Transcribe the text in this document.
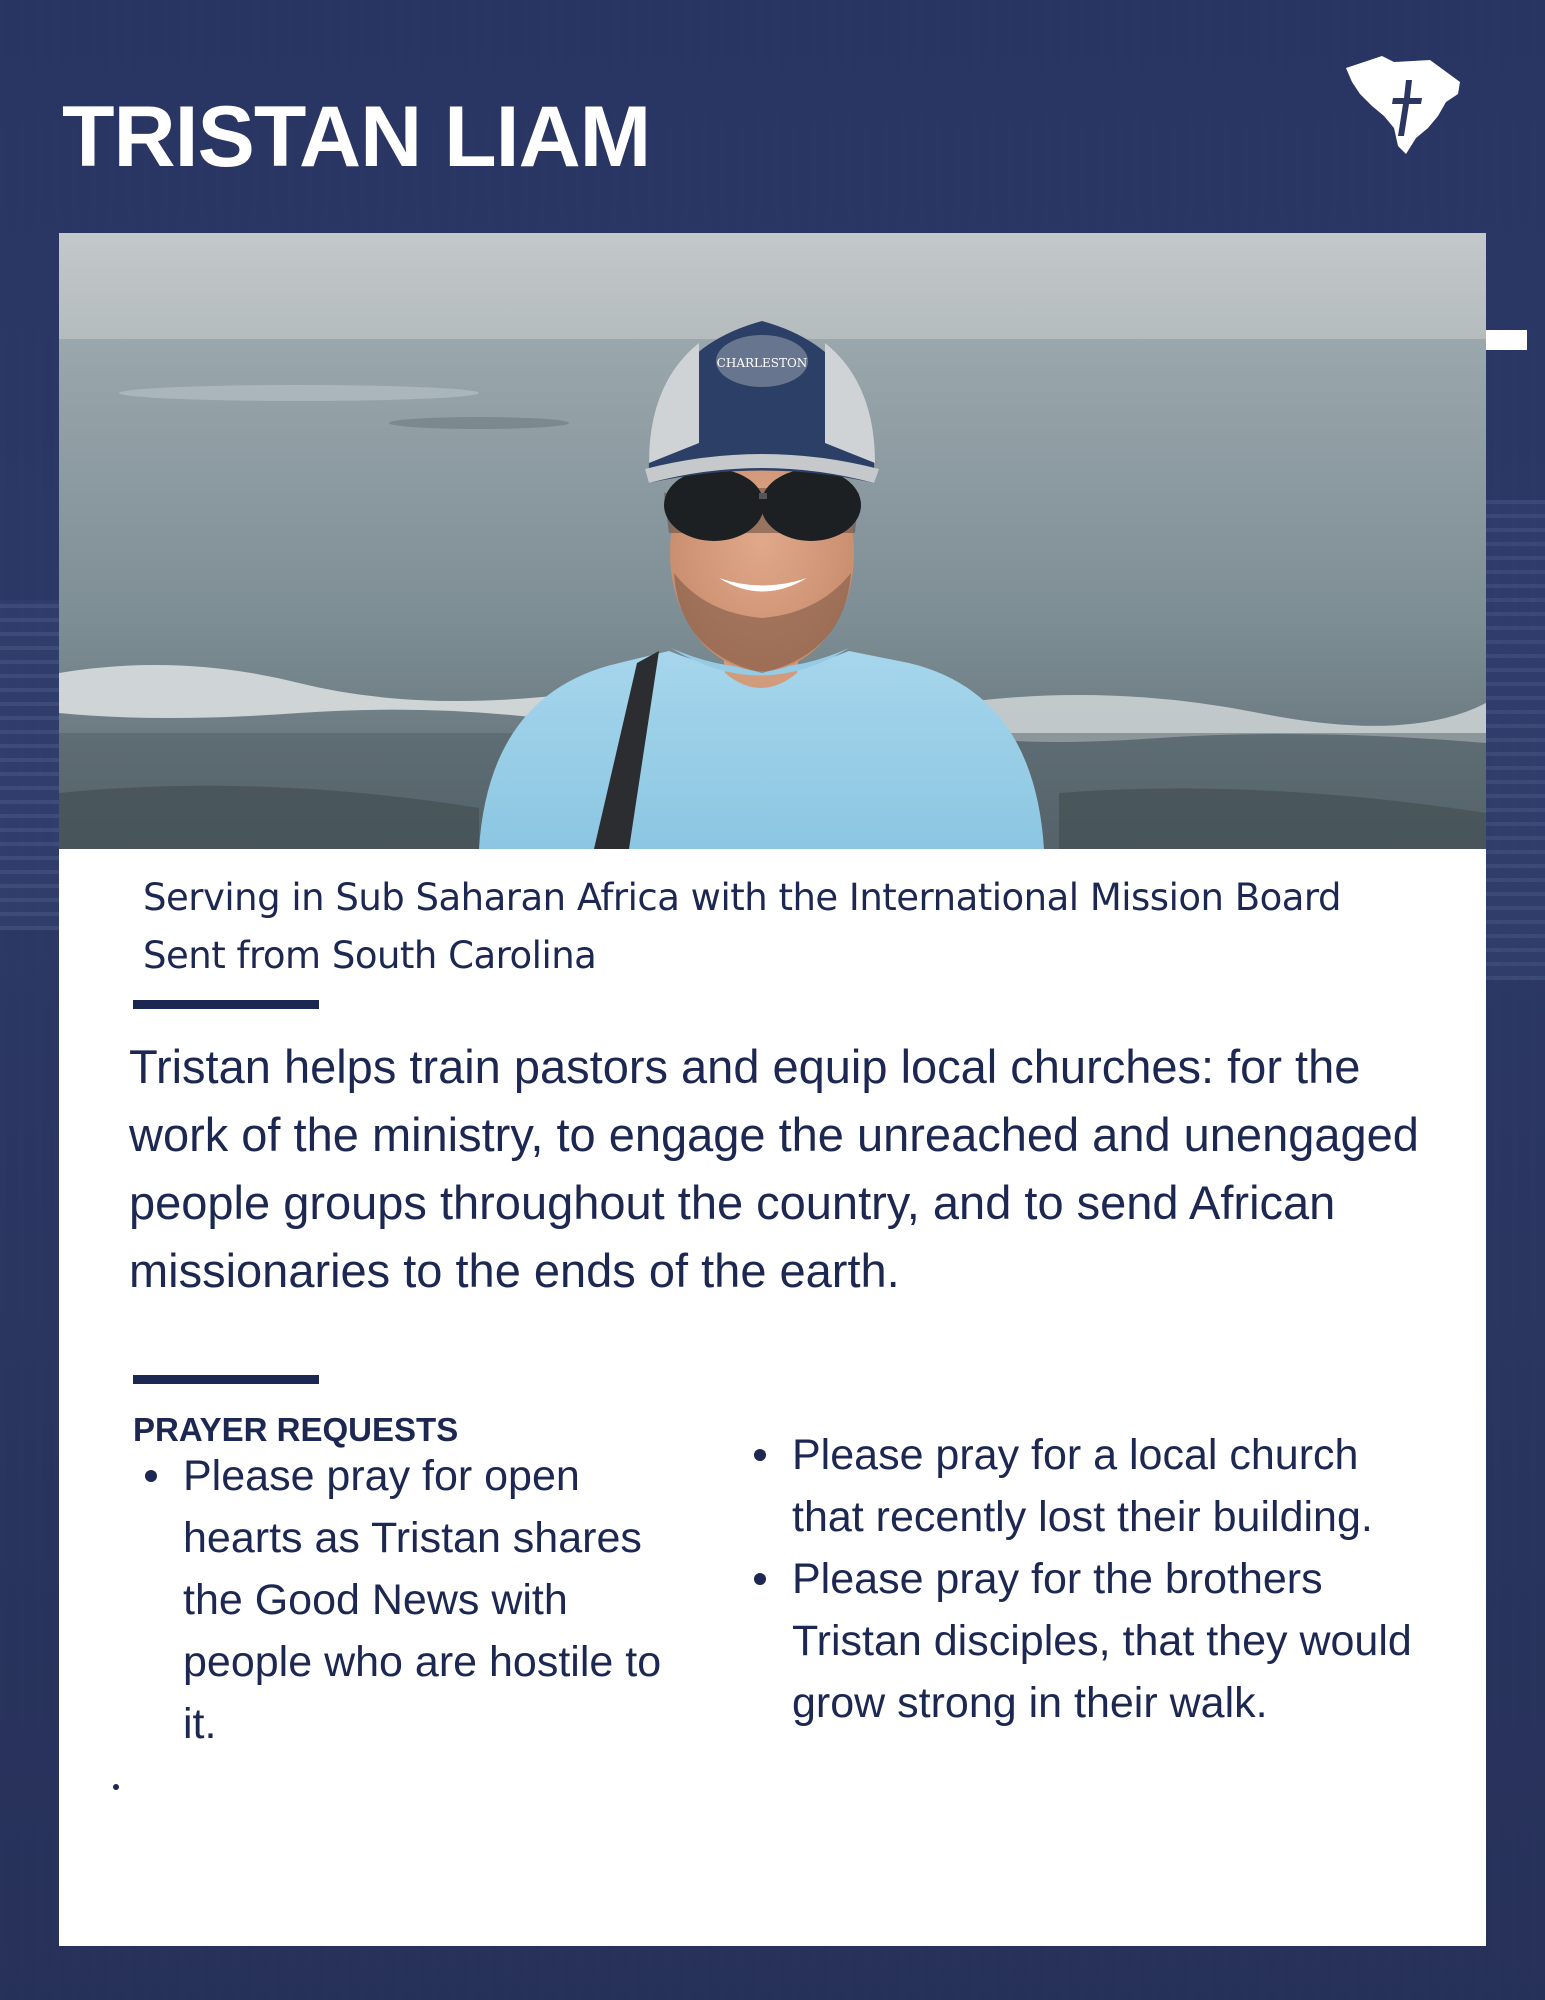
TRISTAN LIAM
CHARLESTON
Serving in Sub Saharan Africa with the International Mission Board
Sent from South Carolina

Tristan helps train pastors and equip local churches: for the work of the ministry, to engage the unreached and unengaged people groups throughout the country, and to send African missionaries to the ends of the earth.

PRAYER REQUESTS
Please pray for open hearts as Tristan shares the Good News with people who are hostile to it.
Please pray for a local church that recently lost their building.
Please pray for the brothers Tristan disciples, that they would grow strong in their walk.
